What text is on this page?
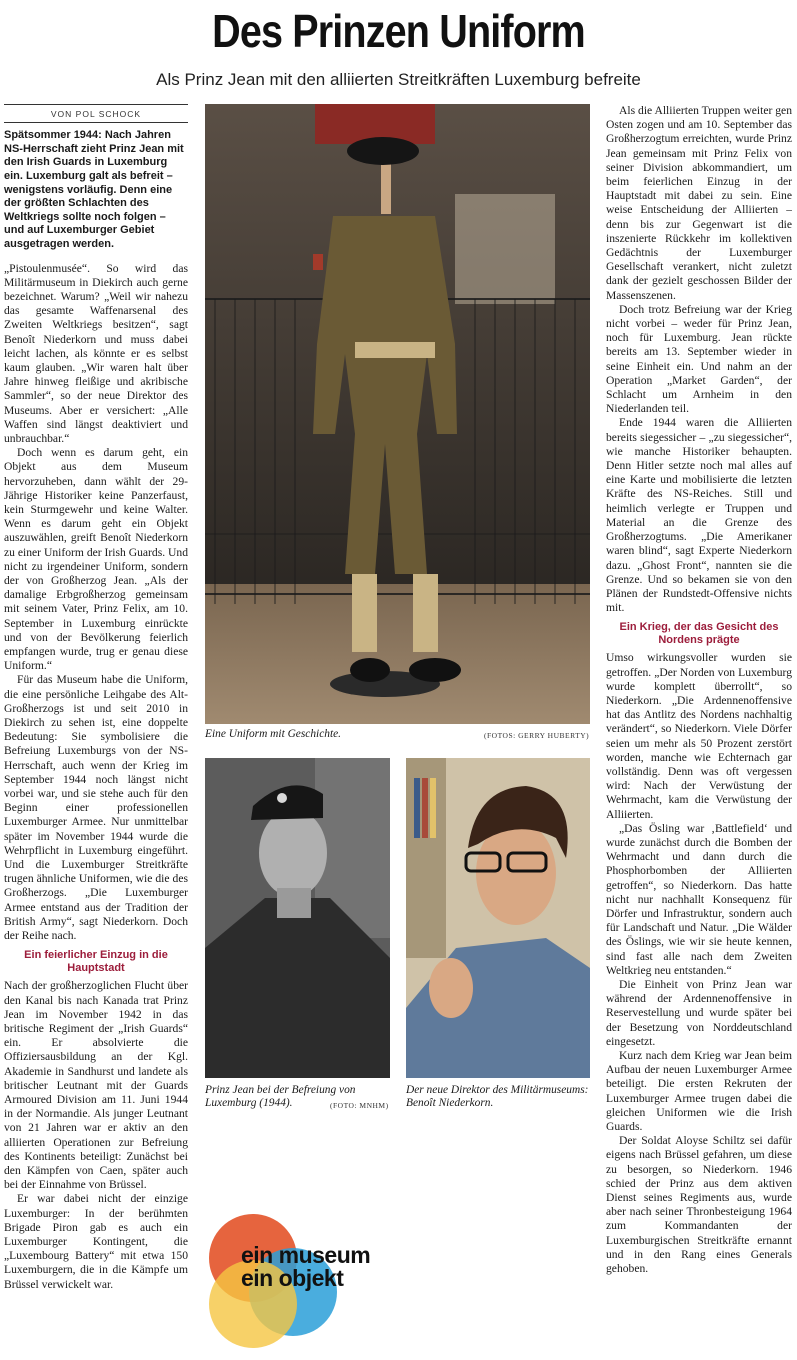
Des Prinzen Uniform
Als Prinz Jean mit den alliierten Streitkräften Luxemburg befreite
VON POL SCHOCK

Spätsommer 1944: Nach Jahren NS-Herrschaft zieht Prinz Jean mit den Irish Guards in Luxemburg ein. Luxemburg galt als befreit – wenigstens vorläufig. Denn eine der größten Schlachten des Weltkriegs sollte noch folgen – und auf Luxemburger Gebiet ausgetragen werden.

„Pistoulenmusée“. So wird das Militärmuseum in Diekirch auch gerne bezeichnet. Warum? „Weil wir nahezu das gesamte Waffenarsenal des Zweiten Weltkriegs besitzen“, sagt Benoît Niederkorn und muss dabei leicht lachen, als könnte er es selbst kaum glauben. „Wir waren halt über Jahre hinweg fleißige und akribische Sammler“, so der neue Direktor des Museums. Aber er versichert: „Alle Waffen sind längst deaktiviert und unbrauchbar.“

Doch wenn es darum geht, ein Objekt aus dem Museum hervorzuheben, dann wählt der 29-Jährige Historiker keine Panzerfaust, kein Sturmgewehr und keine Walter. Wenn es darum geht ein Objekt auszuwählen, greift Benoît Niederkorn zu einer Uniform der Irish Guards. Und nicht zu irgendeiner Uniform, sondern der von Großherzog Jean. „Als der damalige Erbgroßherzog gemeinsam mit seinem Vater, Prinz Felix, am 10. September in Luxemburg einrückte und von der Bevölkerung feierlich empfangen wurde, trug er genau diese Uniform.“

Für das Museum habe die Uniform, die eine persönliche Leihgabe des Alt-Großherzogs ist und seit 2010 in Diekirch zu sehen ist, eine doppelte Bedeutung: Sie symbolisiere die Befreiung Luxemburgs von der NS-Herrschaft, auch wenn der Krieg im September 1944 noch längst nicht vorbei war, und sie stehe auch für den Beginn einer professionellen Luxemburger Armee. Nur unmittelbar später im November 1944 wurde die Wehrpflicht in Luxemburg eingeführt. Und die Luxemburger Streitkräfte trugen ähnliche Uniformen, wie die des Großherzogs. „Die Luxemburger Armee entstand aus der Tradition der British Army“, sagt Niederkorn. Doch der Reihe nach.

Ein feierlicher Einzug in die Hauptstadt

Nach der großherzoglichen Flucht über den Kanal bis nach Kanada trat Prinz Jean im November 1942 in das britische Regiment der „Irish Guards“ ein. Er absolvierte die Offiziersausbildung an der Kgl. Akademie in Sandhurst und landete als britischer Leutnant mit der Guards Armoured Division am 11. Juni 1944 in der Normandie. Als junger Leutnant von 21 Jahren war er aktiv an den alliierten Operationen zur Befreiung des Kontinents beteiligt: Zunächst bei den Kämpfen von Caen, später auch bei der Einnahme von Brüssel.

Er war dabei nicht der einzige Luxemburger: In der berühmten Brigade Piron gab es auch ein Luxemburger Kontingent, die „Luxembourg Battery“ mit etwa 150 Luxemburgern, die in die Kämpfe um Brüssel verwickelt war.

Eine Uniform mit Geschichte.	(FOTOS: GERRY HUBERTY)
Prinz Jean bei der Befreiung von Luxemburg (1944).	(FOTO: MNHM)
Der neue Direktor des Militärmuseums: Benoît Niederkorn.
ein museum
ein objekt

Als die Alliierten Truppen weiter gen Osten zogen und am 10. September das Großherzogtum erreichten, wurde Prinz Jean gemeinsam mit Prinz Felix von seiner Division abkommandiert, um beim feierlichen Einzug in der Hauptstadt mit dabei zu sein. Eine weise Entscheidung der Alliierten – denn bis zur Gegenwart ist die inszenierte Rückkehr im kollektiven Gedächtnis der Luxemburger Gesellschaft verankert, nicht zuletzt dank der gezielt geschossen Bilder der Massenszenen.

Doch trotz Befreiung war der Krieg nicht vorbei – weder für Prinz Jean, noch für Luxemburg. Jean rückte bereits am 13. September wieder in seine Einheit ein. Und nahm an der Operation „Market Garden“, der Schlacht um Arnheim in den Niederlanden teil.

Ende 1944 waren die Alliierten bereits siegessicher – „zu siegessicher“, wie manche Historiker behaupten. Denn Hitler setzte noch mal alles auf eine Karte und mobilisierte die letzten Kräfte des NS-Reiches. Still und heimlich verlegte er Truppen und Material an die Grenze des Großherzogtums. „Die Amerikaner waren blind“, sagt Experte Niederkorn dazu. „Ghost Front“, nannten sie die Grenze. Und so bekamen sie von den Plänen der Rundstedt-Offensive nichts mit.

Ein Krieg, der das Gesicht des Nordens prägte

Umso wirkungsvoller wurden sie getroffen. „Der Norden von Luxemburg wurde komplett überrollt“, so Niederkorn. „Die Ardennenoffensive hat das Antlitz des Nordens nachhaltig verändert“, so Niederkorn. Viele Dörfer seien um mehr als 50 Prozent zerstört worden, manche wie Echternach gar vollständig. Denn was oft vergessen wird: Nach der Verwüstung der Wehrmacht, kam die Verwüstung der Alliierten.

„Das Ösling war ‚Battlefield‘ und wurde zunächst durch die Bomben der Wehrmacht und dann durch die Phosphorbomben der Alliierten getroffen“, so Niederkorn. Das hatte nicht nur nachhallt Konsequenz für Dörfer und Infrastruktur, sondern auch für Landschaft und Natur. „Die Wälder des Öslings, wie wir sie heute kennen, sind fast alle nach dem Zweiten Weltkrieg neu entstanden.“

Die Einheit von Prinz Jean war während der Ardennenoffensive in Reservestellung und wurde später bei der Besetzung von Norddeutschland eingesetzt.

Kurz nach dem Krieg war Jean beim Aufbau der neuen Luxemburger Armee beteiligt. Die ersten Rekruten der Luxemburger Armee trugen dabei die gleichen Uniformen wie die Irish Guards.

Der Soldat Aloyse Schiltz sei dafür eigens nach Brüssel gefahren, um diese zu besorgen, so Niederkorn. 1946 schied der Prinz aus dem aktiven Dienst seines Regiments aus, wurde aber nach seiner Thronbesteigung 1964 zum Kommandanten der Luxemburgischen Streitkräfte ernannt und in den Rang eines Generals gehoben.
